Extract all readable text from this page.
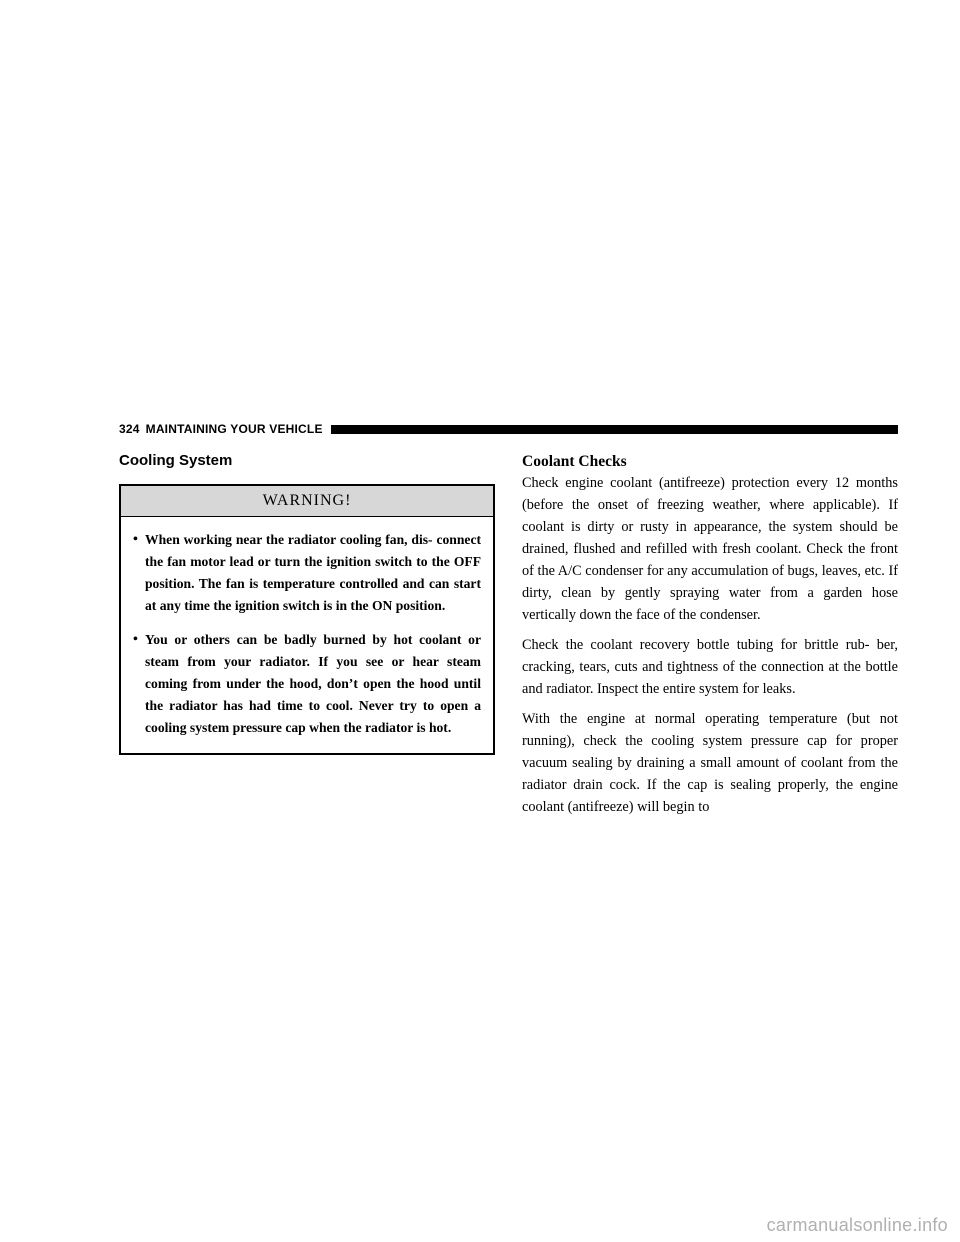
324 MAINTAINING YOUR VEHICLE
Cooling System
WARNING!
• When working near the radiator cooling fan, dis- connect the fan motor lead or turn the ignition switch to the OFF position. The fan is temperature controlled and can start at any time the ignition switch is in the ON position.
• You or others can be badly burned by hot coolant or steam from your radiator. If you see or hear steam coming from under the hood, don’t open the hood until the radiator has had time to cool. Never try to open a cooling system pressure cap when the radiator is hot.
Coolant Checks

Check engine coolant (antifreeze) protection every 12 months (before the onset of freezing weather, where applicable). If coolant is dirty or rusty in appearance, the system should be drained, flushed and refilled with fresh coolant. Check the front of the A/C condenser for any accumulation of bugs, leaves, etc. If dirty, clean by gently spraying water from a garden hose vertically down the face of the condenser.

Check the coolant recovery bottle tubing for brittle rub- ber, cracking, tears, cuts and tightness of the connection at the bottle and radiator. Inspect the entire system for leaks.

With the engine at normal operating temperature (but not running), check the cooling system pressure cap for proper vacuum sealing by draining a small amount of coolant from the radiator drain cock. If the cap is sealing properly, the engine coolant (antifreeze) will begin to

carmanualsonline.info
